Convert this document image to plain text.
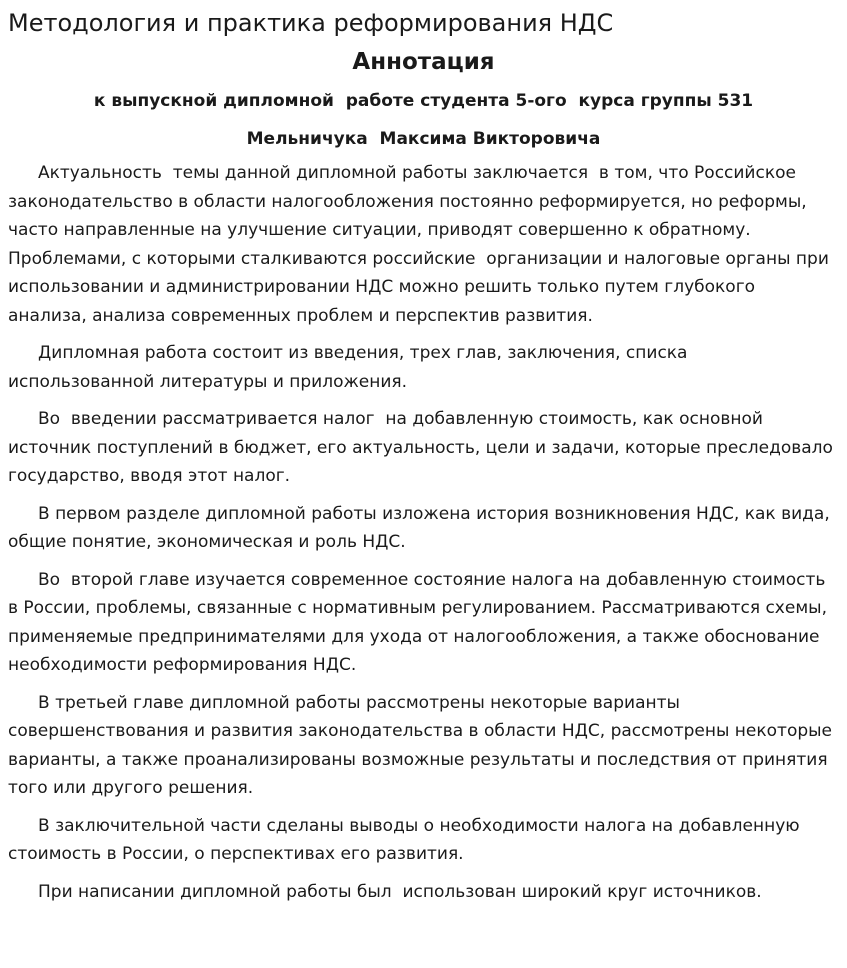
Методология и практика реформирования НДС
Аннотация
к выпускной дипломной  работе студента 5-ого  курса группы 531
Мельничука  Максима Викторовича

Актуальность  темы данной дипломной работы заключается  в том, что Российское законодательство в области налогообложения постоянно реформируется, но реформы, часто направленные на улучшение ситуации, приводят совершенно к обратному. Проблемами, с которыми сталкиваются российские  организации и налоговые органы при использовании и администрировании НДС можно решить только путем глубокого анализа, анализа современных проблем и перспектив развития.

Дипломная работа состоит из введения, трех глав, заключения, списка использованной литературы и приложения.

Во  введении рассматривается налог  на добавленную стоимость, как основной источник поступлений в бюджет, его актуальность, цели и задачи, которые преследовало государство, вводя этот налог.

В первом разделе дипломной работы изложена история возникновения НДС, как вида, общие понятие, экономическая и роль НДС.

Во  второй главе изучается современное состояние налога на добавленную стоимость в России, проблемы, связанные с нормативным регулированием. Рассматриваются схемы, применяемые предпринимателями для ухода от налогообложения, а также обоснование необходимости реформирования НДС.

В третьей главе дипломной работы рассмотрены некоторые варианты совершенствования и развития законодательства в области НДС, рассмотрены некоторые варианты, а также проанализированы возможные результаты и последствия от принятия того или другого решения.

В заключительной части сделаны выводы о необходимости налога на добавленную стоимость в России, о перспективах его развития.

При написании дипломной работы был  использован широкий круг источников.
